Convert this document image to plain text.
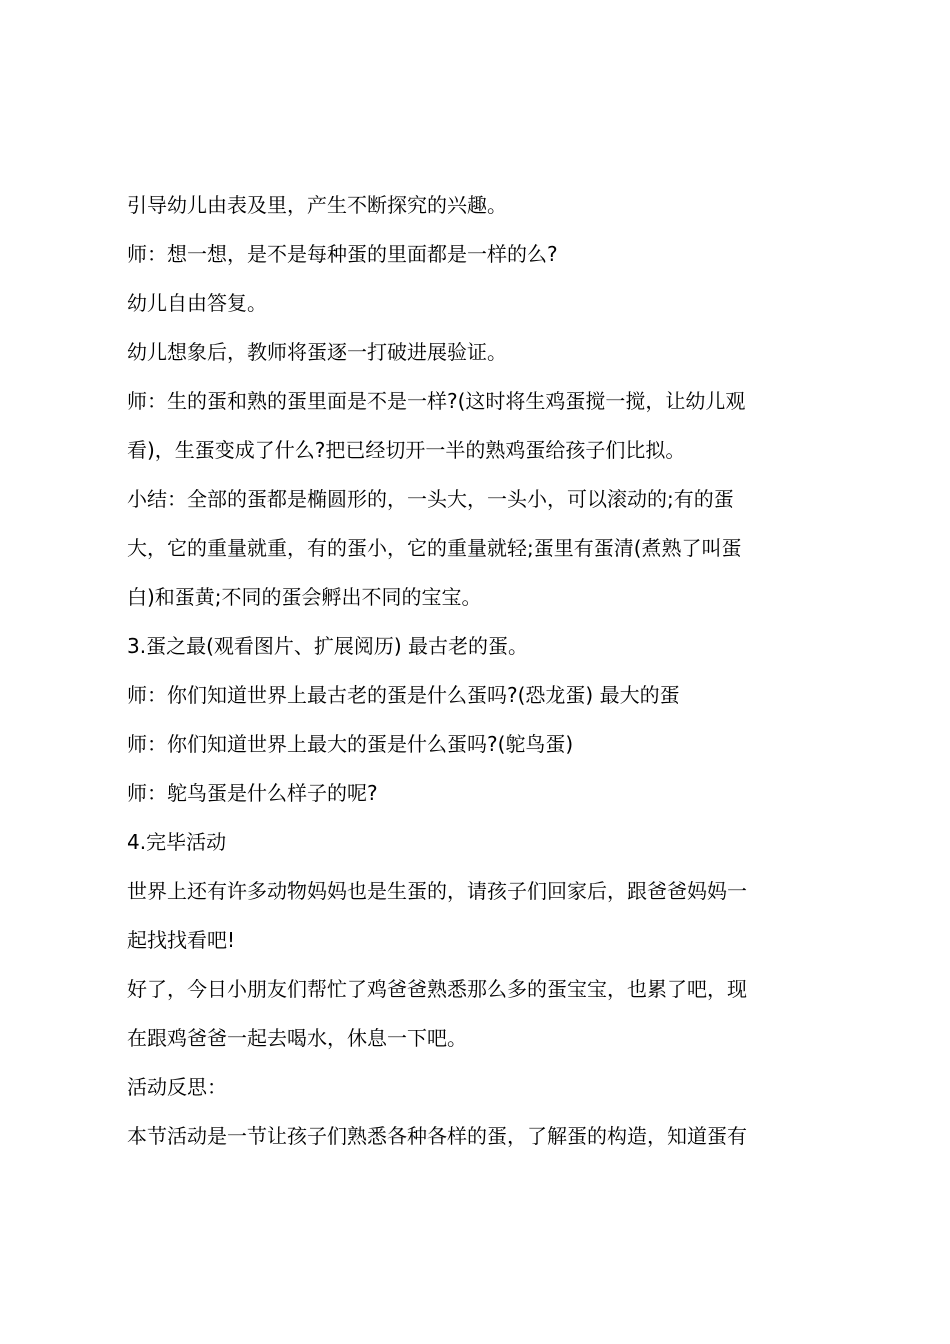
引导幼儿由表及里，产生不断探究的兴趣。
师：想一想，是不是每种蛋的里面都是一样的么?
幼儿自由答复。
幼儿想象后，教师将蛋逐一打破进展验证。
师：生的蛋和熟的蛋里面是不是一样?(这时将生鸡蛋搅一搅，让幼儿观
看)，生蛋变成了什么?把已经切开一半的熟鸡蛋给孩子们比拟。
小结：全部的蛋都是椭圆形的，一头大，一头小，可以滚动的;有的蛋
大，它的重量就重，有的蛋小，它的重量就轻;蛋里有蛋清(煮熟了叫蛋
白)和蛋黄;不同的蛋会孵出不同的宝宝。
3.蛋之最(观看图片、扩展阅历) 最古老的蛋。
师：你们知道世界上最古老的蛋是什么蛋吗?(恐龙蛋) 最大的蛋
师：你们知道世界上最大的蛋是什么蛋吗?(鸵鸟蛋)
师：鸵鸟蛋是什么样子的呢?
4.完毕活动
世界上还有许多动物妈妈也是生蛋的，请孩子们回家后，跟爸爸妈妈一
起找找看吧!
好了，今日小朋友们帮忙了鸡爸爸熟悉那么多的蛋宝宝，也累了吧，现
在跟鸡爸爸一起去喝水，休息一下吧。
活动反思：
本节活动是一节让孩子们熟悉各种各样的蛋，了解蛋的构造，知道蛋有
